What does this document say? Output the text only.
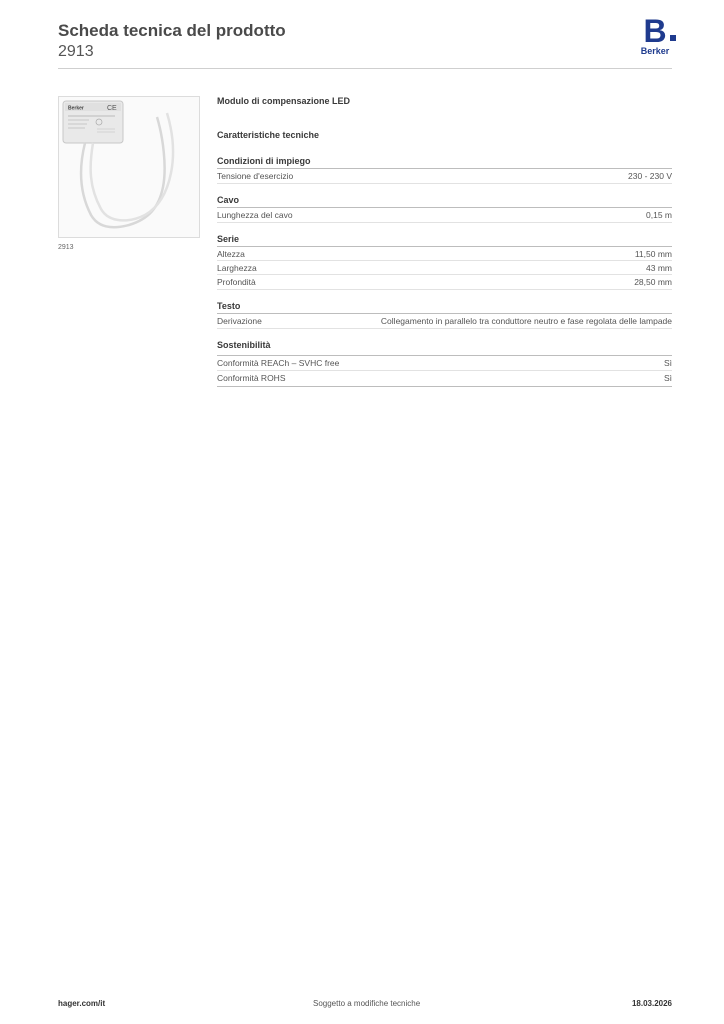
Scheda tecnica del prodotto
2913
B
Berker
Berker	CE
2913
Modulo di compensazione LED
Caratteristiche tecniche
Condizioni di impiego
Tensione d'esercizio	230 - 230 V
Cavo
Lunghezza del cavo	0,15 m
Serie
Altezza	11,50 mm
Larghezza	43 mm
Profondità	28,50 mm
Testo
Derivazione	Collegamento in parallelo tra conduttore neutro e fase regolata delle lampade
Sostenibilità
Conformità REACh – SVHC free	Sì
Conformità ROHS	Sì
hager.com/it	Soggetto a modifiche tecniche	18.03.2026
